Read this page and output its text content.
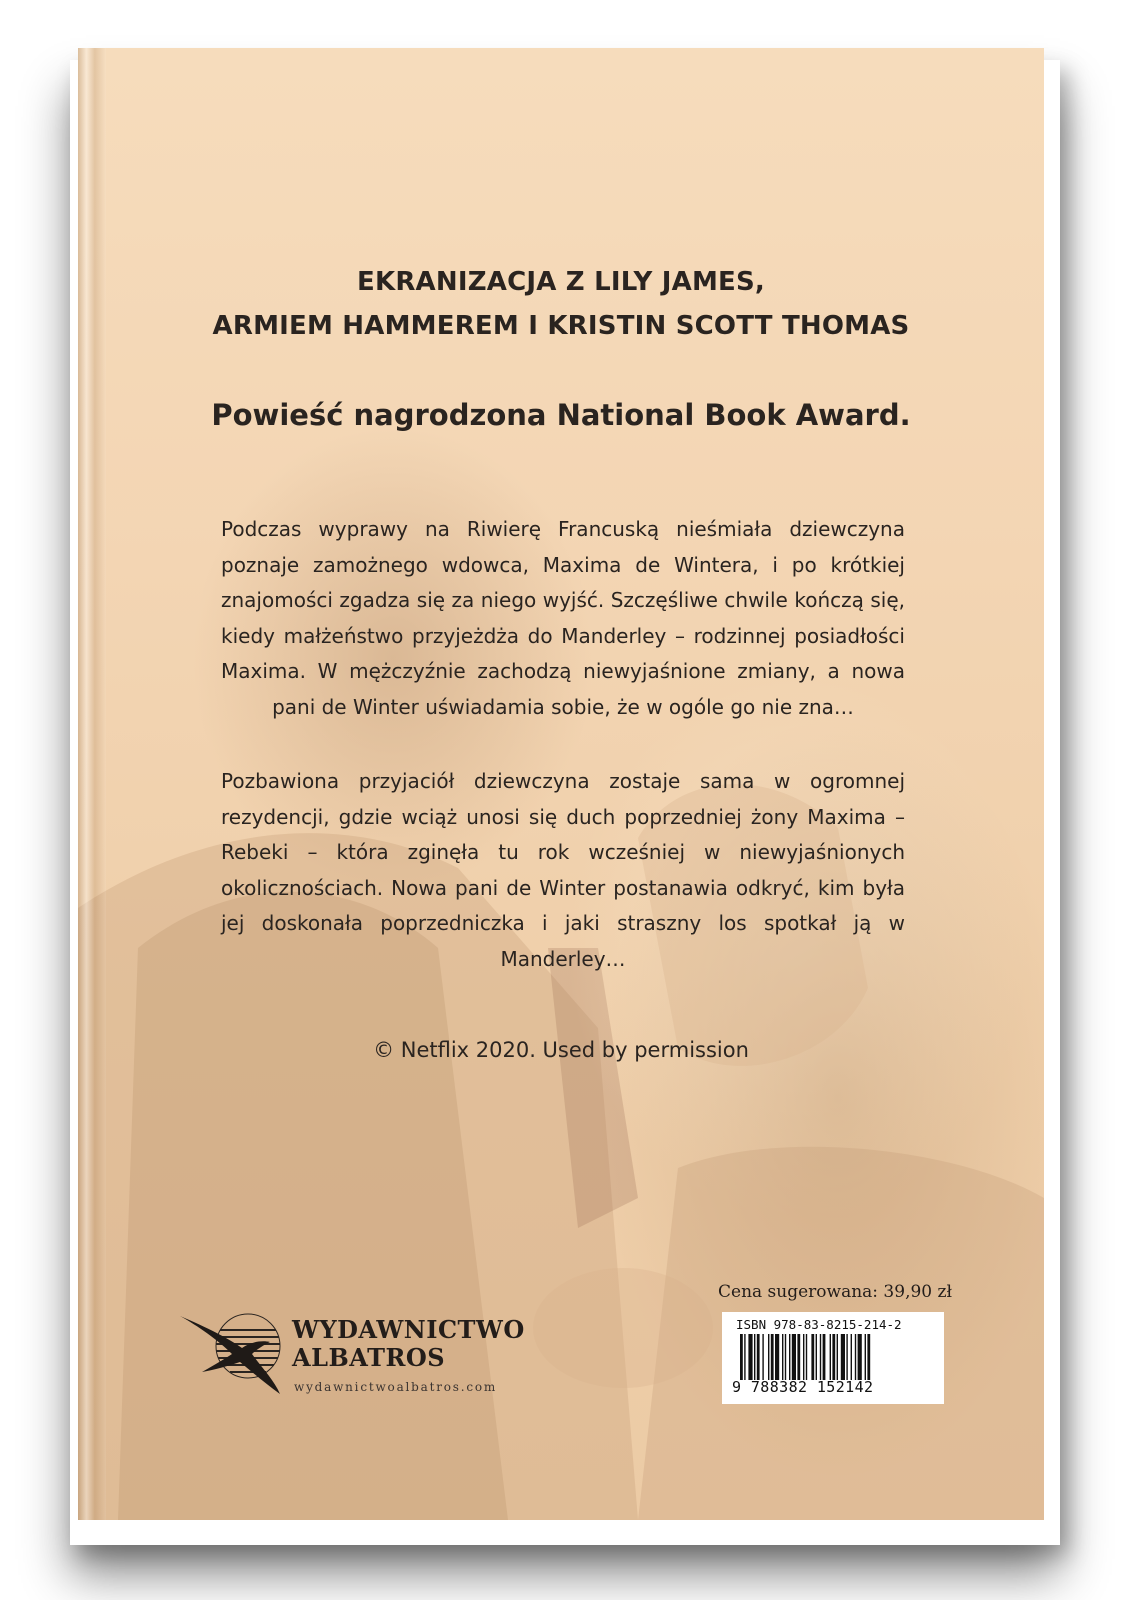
EKRANIZACJA Z LILY JAMES,
ARMIEM HAMMEREM I KRISTIN SCOTT THOMAS
Powieść nagrodzona National Book Award.
Podczas wyprawy na Riwierę Francuską nieśmiała dziewczyna poznaje zamożnego wdowca, Maxima de Wintera, i po krótkiej znajomości zgadza się za niego wyjść. Szczęśliwe chwile kończą się, kiedy małżeństwo przyjeżdża do Manderley – rodzinnej posiadłości Maxima. W mężczyźnie zachodzą niewyjaśnione zmiany, a nowa pani de Winter uświadamia sobie, że w ogóle go nie zna…
Pozbawiona przyjaciół dziewczyna zostaje sama w ogromnej rezydencji, gdzie wciąż unosi się duch poprzedniej żony Maxima – Rebeki – która zginęła tu rok wcześniej w niewyjaśnionych okolicznościach. Nowa pani de Winter postanawia odkryć, kim była jej doskonała poprzedniczka i jaki straszny los spotkał ją w Manderley…
© Netflix 2020. Used by permission
WYDAWNICTWO
ALBATROS
wydawnictwoalbatros.com
Cena sugerowana: 39,90 zł
ISBN 978-83-8215-214-2
9 788382 152142
